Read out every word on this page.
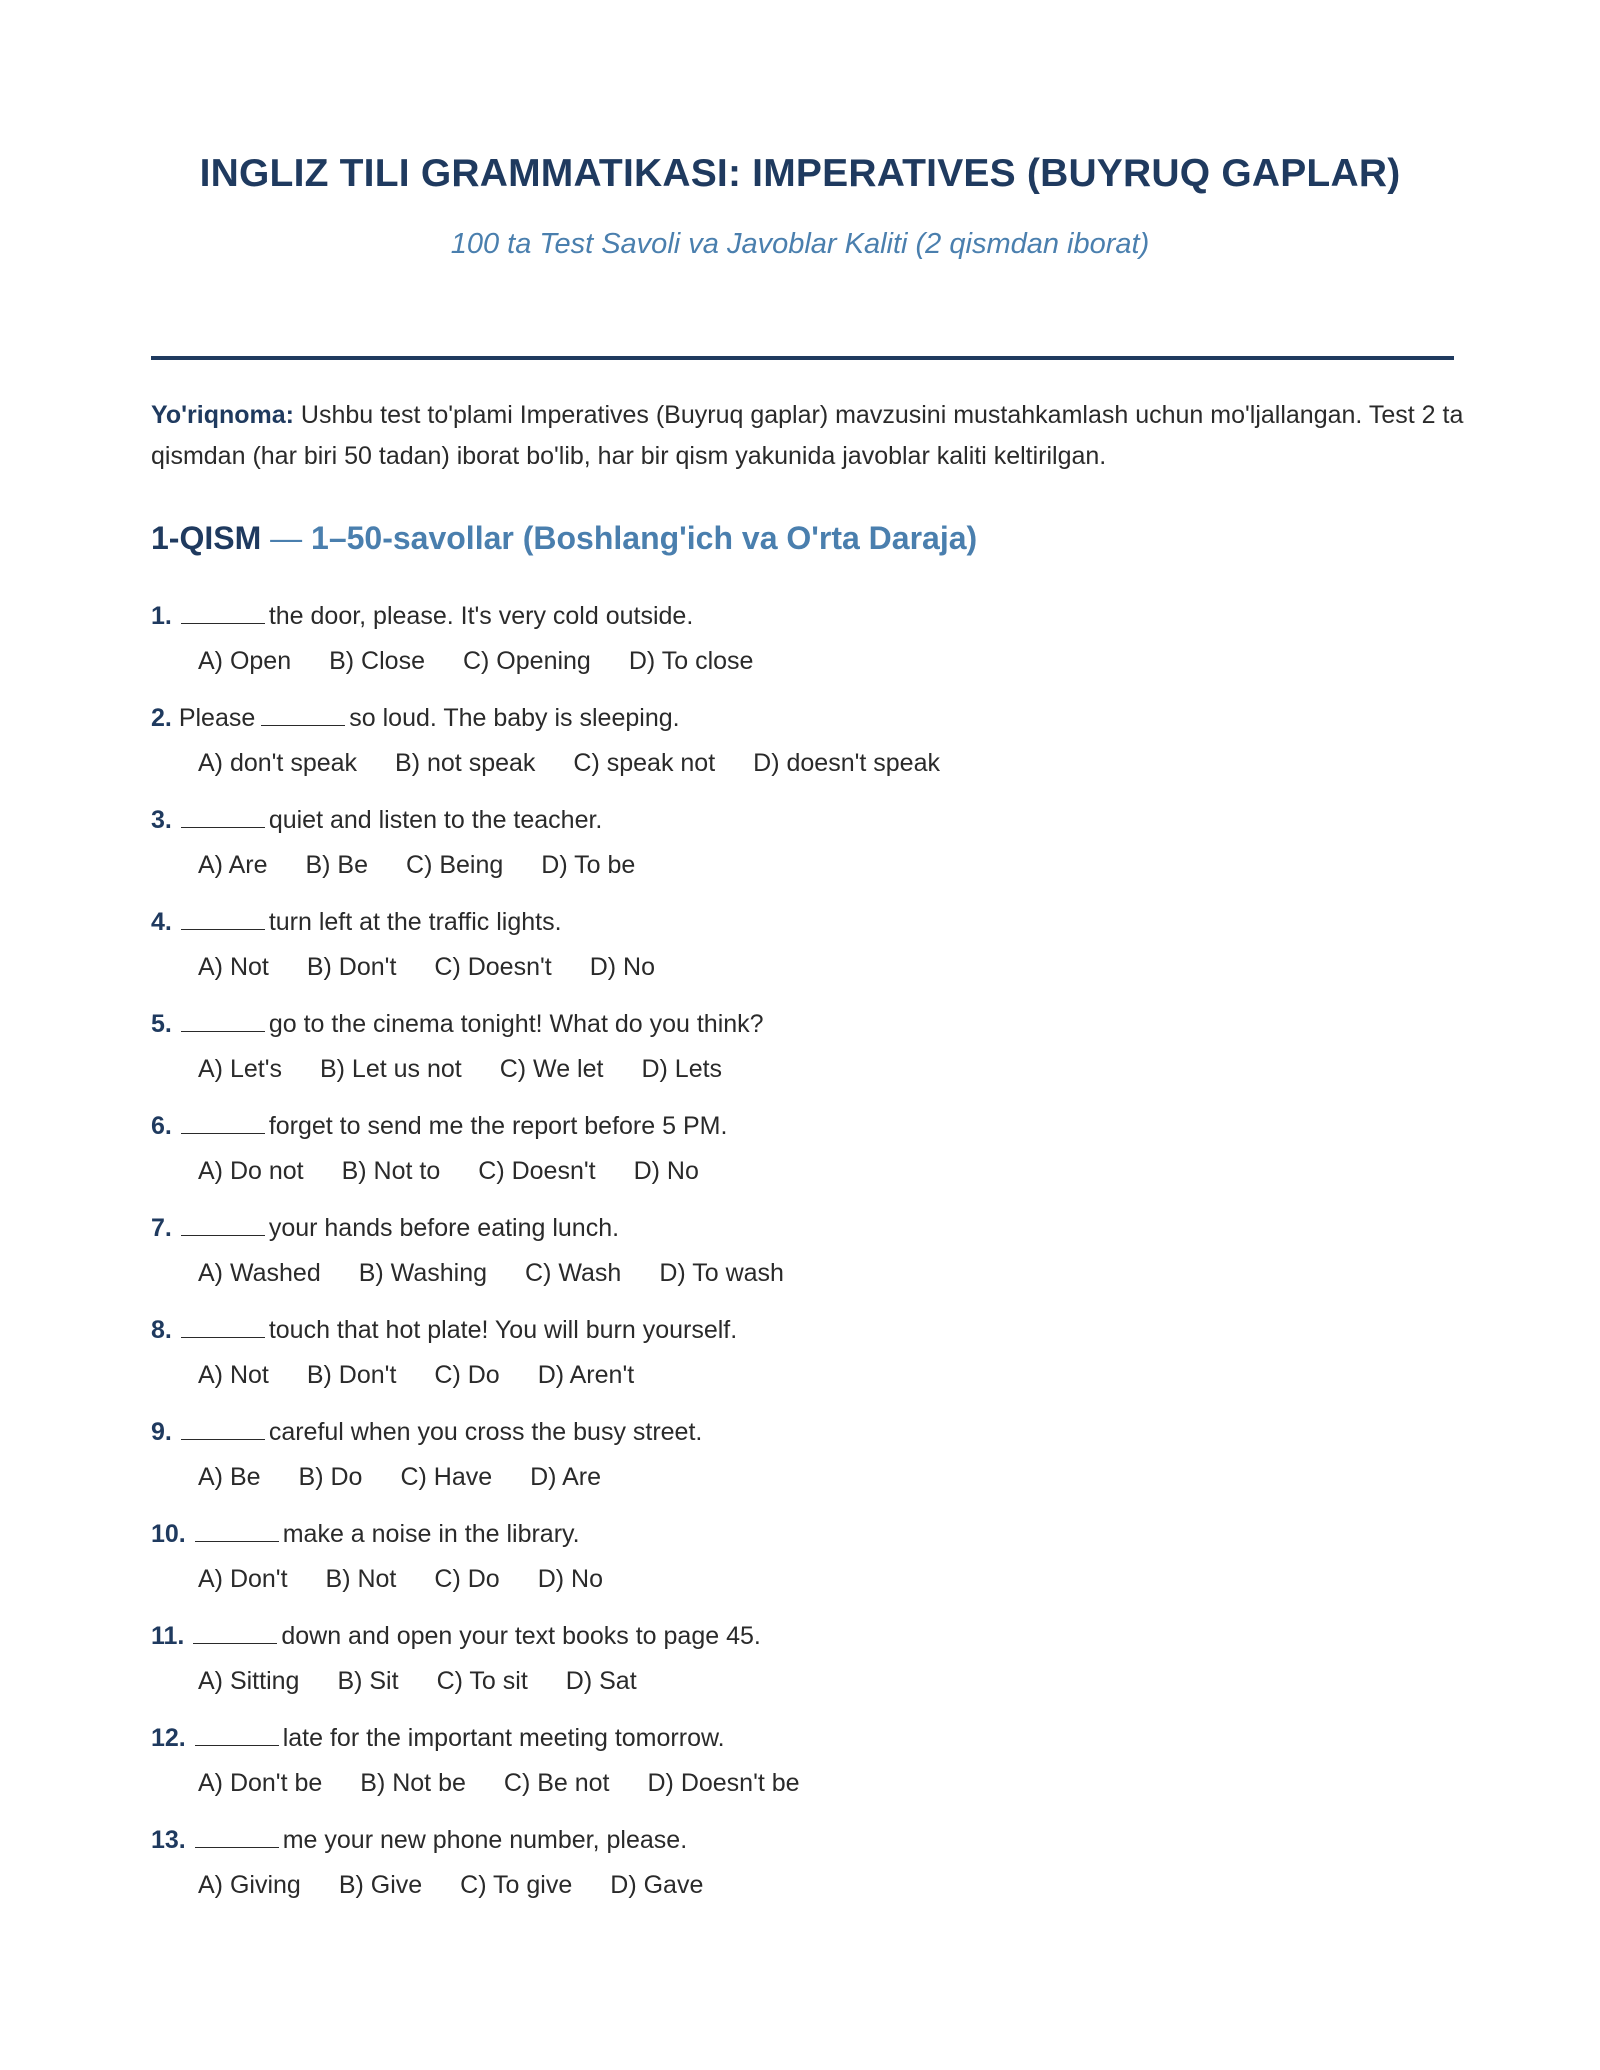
INGLIZ TILI GRAMMATIKASI: IMPERATIVES (BUYRUQ GAPLAR)
100 ta Test Savoli va Javoblar Kaliti (2 qismdan iborat)
Yo'riqnoma: Ushbu test to'plami Imperatives (Buyruq gaplar) mavzusini mustahkamlash uchun mo'ljallangan. Test 2 ta qismdan (har biri 50 tadan) iborat bo'lib, har bir qism yakunida javoblar kaliti keltirilgan.
1-QISM — 1–50-savollar (Boshlang'ich va O'rta Daraja)
1.	the door, please. It's very cold outside.
A) Open B) Close C) Opening D) To close
2. Please	so loud. The baby is sleeping.
A) don't speak B) not speak C) speak not D) doesn't speak
3.	quiet and listen to the teacher.
A) Are B) Be C) Being D) To be
4.	turn left at the traffic lights.
A) Not B) Don't C) Doesn't D) No
5.	go to the cinema tonight! What do you think?
A) Let's B) Let us not C) We let D) Lets
6.	forget to send me the report before 5 PM.
A) Do not B) Not to C) Doesn't D) No
7.	your hands before eating lunch.
A) Washed B) Washing C) Wash D) To wash
8.	touch that hot plate! You will burn yourself.
A) Not B) Don't C) Do D) Aren't
9.	careful when you cross the busy street.
A) Be B) Do C) Have D) Are
10.	make a noise in the library.
A) Don't B) Not C) Do D) No
11.	down and open your text books to page 45.
A) Sitting B) Sit C) To sit D) Sat
12.	late for the important meeting tomorrow.
A) Don't be B) Not be C) Be not D) Doesn't be
13.	me your new phone number, please.
A) Giving B) Give C) To give D) Gave
